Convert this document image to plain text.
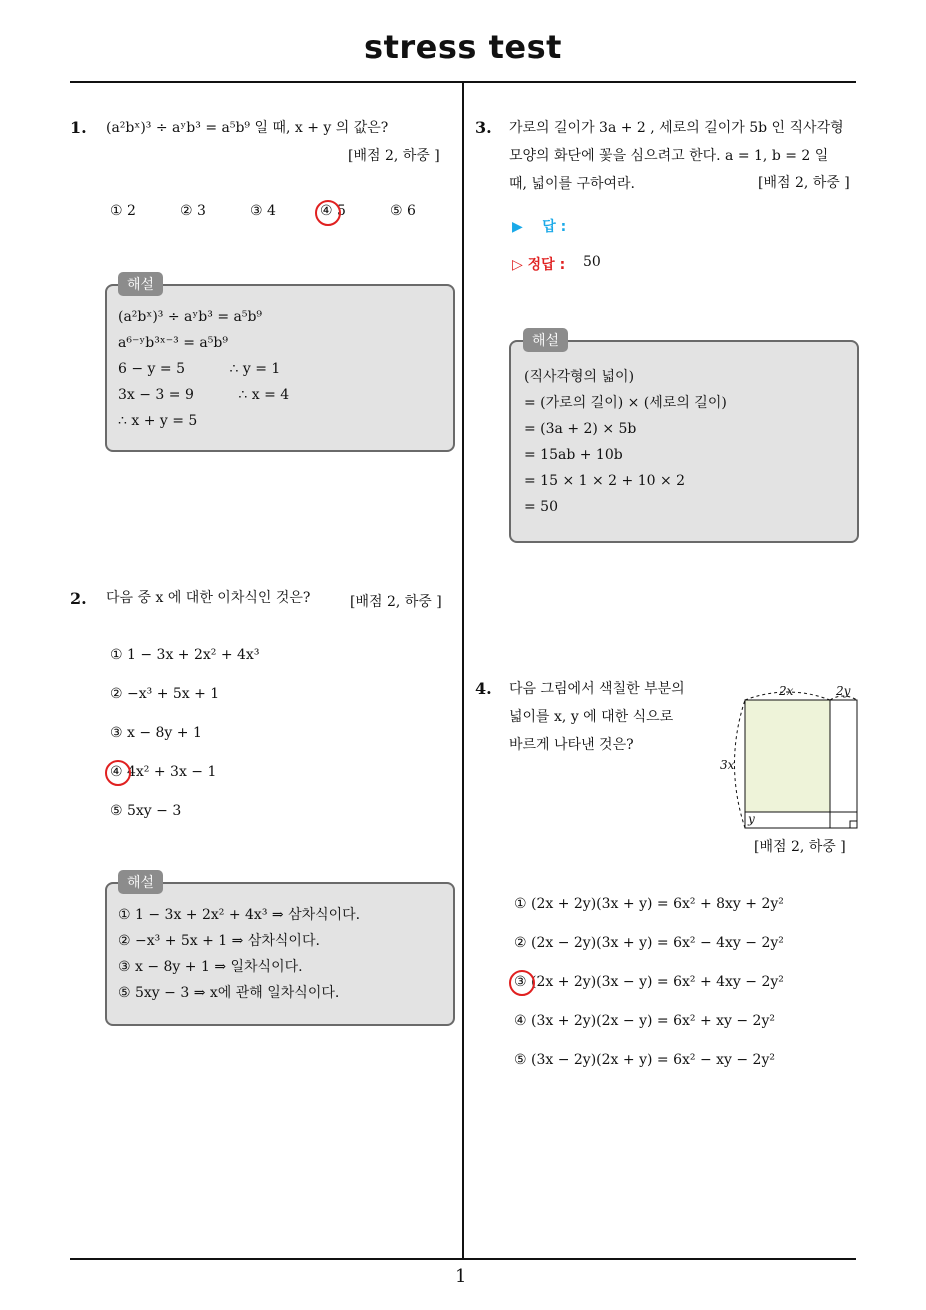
stress test
1
1. (a²bˣ)³ ÷ aʸb³ = a⁵b⁹ 일 때, x + y 의 값은?
[배점 2, 하중 ]
① 2	② 3	③ 4	④ 5	⑤ 6
(a²bˣ)³ ÷ aʸb³ = a⁵b⁹
a⁶⁻ʸb³ˣ⁻³ = a⁵b⁹
6 − y = 5          ∴ y = 1
3x − 3 = 9          ∴ x = 4
∴ x + y = 5
해설
2. 다음 중 x 에 대한 이차식인 것은?	[배점 2, 하중 ]
① 1 − 3x + 2x² + 4x³
② −x³ + 5x + 1
③ x − 8y + 1
④ 4x² + 3x − 1
⑤ 5xy − 3
① 1 − 3x + 2x² + 4x³ ⇒ 삼차식이다.
② −x³ + 5x + 1 ⇒ 삼차식이다.
③ x − 8y + 1 ⇒ 일차식이다.
⑤ 5xy − 3 ⇒ x에 관해 일차식이다.
해설
3. 가로의 길이가 3a + 2 , 세로의 길이가 5b 인 직사각형
모양의 화단에 꽃을 심으려고 한다. a = 1, b = 2 일
때, 넓이를 구하여라.	[배점 2, 하중 ]
▶    답 :
▷ 정답 : 50
(직사각형의 넓이)
= (가로의 길이) × (세로의 길이)
= (3a + 2) × 5b
= 15ab + 10b
= 15 × 1 × 2 + 10 × 2
= 50
해설
4. 다음 그림에서 색칠한 부분의
넓이를 x, y 에 대한 식으로
바르게 나타낸 것은?
2x	2y
3x
y
[배점 2, 하중 ]
① (2x + 2y)(3x + y) = 6x² + 8xy + 2y²
② (2x − 2y)(3x + y) = 6x² − 4xy − 2y²
③ (2x + 2y)(3x − y) = 6x² + 4xy − 2y²
④ (3x + 2y)(2x − y) = 6x² + xy − 2y²
⑤ (3x − 2y)(2x + y) = 6x² − xy − 2y²
